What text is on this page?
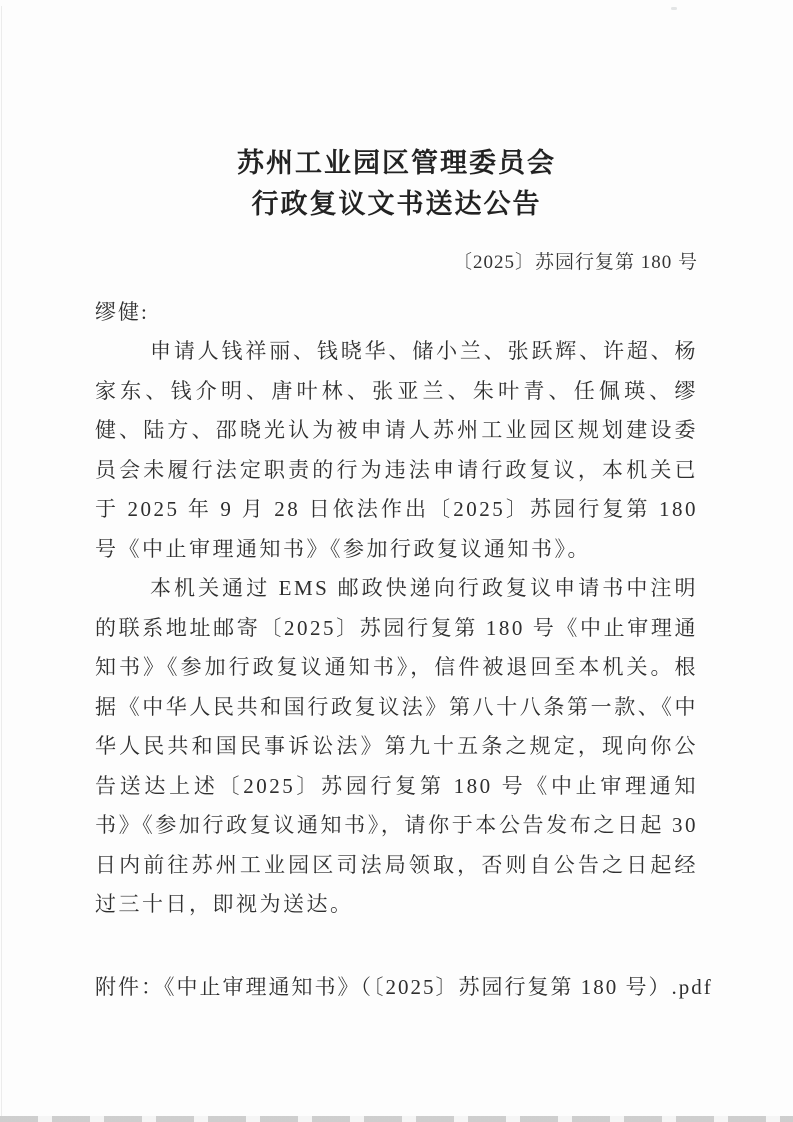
苏州工业园区管理委员会
行政复议文书送达公告
〔2025〕苏园行复第 180 号
缪健:

申请人钱祥丽、钱晓华、储小兰、张跃辉、许超、杨家东、钱介明、唐叶林、张亚兰、朱叶青、任佩瑛、缪健、陆方、邵晓光认为被申请人苏州工业园区规划建设委员会未履行法定职责的行为违法申请行政复议，本机关已于 2025 年 9 月 28 日依法作出〔2025〕苏园行复第 180 号《中止审理通知书》《参加行政复议通知书》。

本机关通过 EMS 邮政快递向行政复议申请书中注明的联系地址邮寄〔2025〕苏园行复第 180 号《中止审理通知书》《参加行政复议通知书》，信件被退回至本机关。根据《中华人民共和国行政复议法》第八十八条第一款、《中华人民共和国民事诉讼法》第九十五条之规定，现向你公告送达上述〔2025〕苏园行复第 180 号《中止审理通知书》《参加行政复议通知书》，请你于本公告发布之日起 30 日内前往苏州工业园区司法局领取，否则自公告之日起经过三十日，即视为送达。

附件：《中止审理通知书》（〔2025〕苏园行复第 180 号）.pdf
